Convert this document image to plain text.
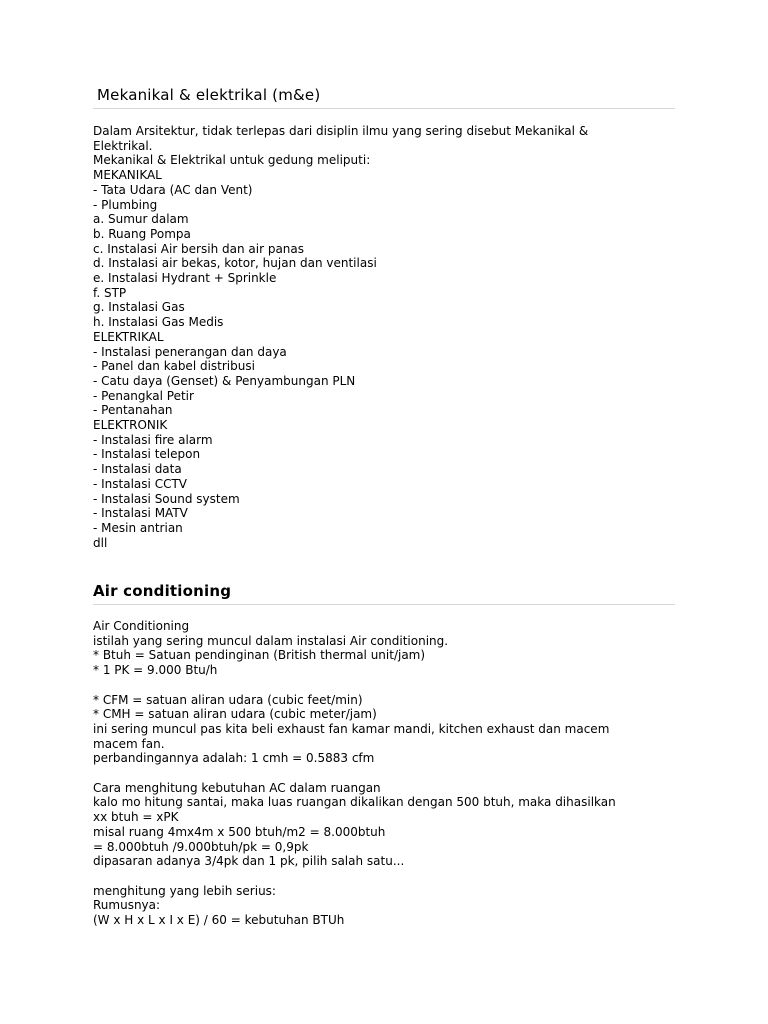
Mekanikal & elektrikal (m&e)
Dalam Arsitektur, tidak terlepas dari disiplin ilmu yang sering disebut Mekanikal &
Elektrikal.
Mekanikal & Elektrikal untuk gedung meliputi:
MEKANIKAL
- Tata Udara (AC dan Vent)
- Plumbing
a. Sumur dalam
b. Ruang Pompa
c. Instalasi Air bersih dan air panas
d. Instalasi air bekas, kotor, hujan dan ventilasi
e. Instalasi Hydrant + Sprinkle
f. STP
g. Instalasi Gas
h. Instalasi Gas Medis
ELEKTRIKAL
- Instalasi penerangan dan daya
- Panel dan kabel distribusi
- Catu daya (Genset) & Penyambungan PLN
- Penangkal Petir
- Pentanahan
ELEKTRONIK
- Instalasi fire alarm
- Instalasi telepon
- Instalasi data
- Instalasi CCTV
- Instalasi Sound system
- Instalasi MATV
- Mesin antrian
dll
Air conditioning
Air Conditioning
istilah yang sering muncul dalam instalasi Air conditioning.
* Btuh = Satuan pendinginan (British thermal unit/jam)
* 1 PK = 9.000 Btu/h
* CFM = satuan aliran udara (cubic feet/min)
* CMH = satuan aliran udara (cubic meter/jam)
ini sering muncul pas kita beli exhaust fan kamar mandi, kitchen exhaust dan macem
macem fan.
perbandingannya adalah: 1 cmh = 0.5883 cfm
Cara menghitung kebutuhan AC dalam ruangan
kalo mo hitung santai, maka luas ruangan dikalikan dengan 500 btuh, maka dihasilkan
xx btuh = xPK
misal ruang 4mx4m x 500 btuh/m2 = 8.000btuh
= 8.000btuh /9.000btuh/pk = 0,9pk
dipasaran adanya 3/4pk dan 1 pk, pilih salah satu...
menghitung yang lebih serius:
Rumusnya:
(W x H x L x I x E) / 60 = kebutuhan BTUh
